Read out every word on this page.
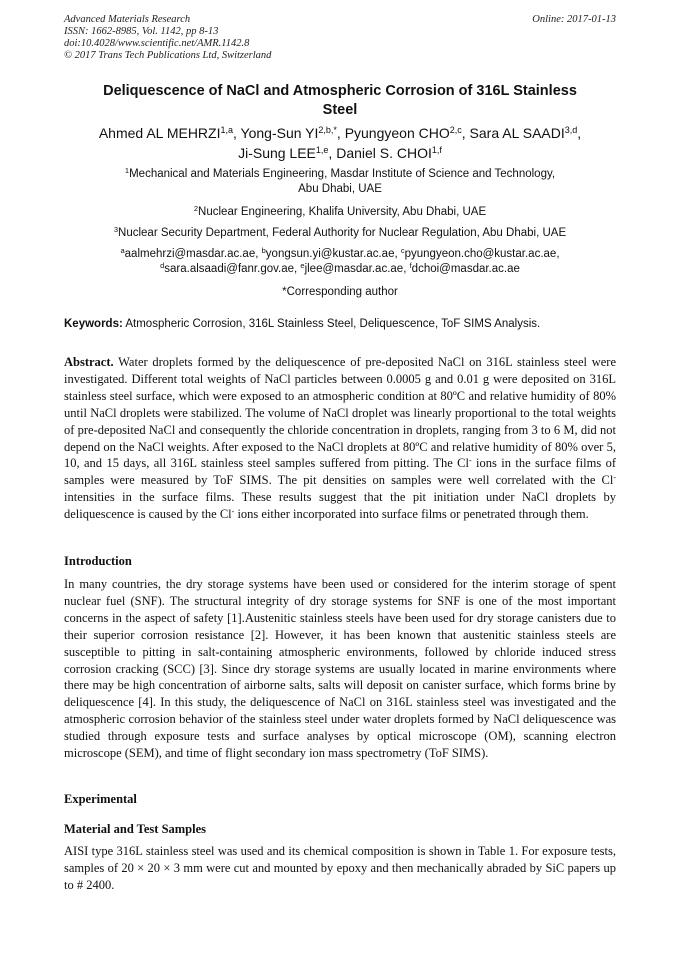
Advanced Materials Research
ISSN: 1662-8985, Vol. 1142, pp 8-13
doi:10.4028/www.scientific.net/AMR.1142.8
© 2017 Trans Tech Publications Ltd, Switzerland
Online: 2017-01-13
Deliquescence of NaCl and Atmospheric Corrosion of 316L Stainless
Steel
Ahmed AL MEHRZI$^{1,a}$, Yong-Sun $YI^{2,b,*}$, Pyungyeon CHO$^{2,c}$, Sara AL SAADI$^{3,d}$,
Ji-Sung LEE$^{1,e}$, Daniel S. CHOI$^{1,f}$
$^1$Mechanical and Materials Engineering, Masdar Institute of Science and Technology,
Abu Dhabi, UAE
$^2$Nuclear Engineering, Khalifa University, Abu Dhabi, UAE
$^3$Nuclear Security Department, Federal Authority for Nuclear Regulation, Abu Dhabi, UAE
$^a$aalmehrzi@masdar.ac.ae, $^b$yongsun.yi@kustar.ac.ae, $^c$pyungyeon.cho@kustar.ac.ae,
$^d$sara.alsaadi@fanr.gov.ae, $^e$jlee@masdar.ac.ae, $^f$dchoi@masdar.ac.ae
*Corresponding author
Keywords: Atmospheric Corrosion, 316L Stainless Steel, Deliquescence, ToF SIMS Analysis.
Abstract. Water droplets formed by the deliquescence of pre-deposited NaCl on 316L stainless steel were investigated. Different total weights of NaCl particles between 0.0005 g and 0.01 g were deposited on 316L stainless steel surface, which were exposed to an atmospheric condition at 80ºC and relative humidity of 80% until NaCl droplets were stabilized. The volume of NaCl droplet was linearly proportional to the total weights of pre-deposited NaCl and consequently the chloride concentration in droplets, ranging from 3 to 6 M, did not depend on the NaCl weights. After exposed to the NaCl droplets at 80ºC and relative humidity of 80% over 5, 10, and 15 days, all 316L stainless steel samples suffered from pitting. The Cl- ions in the surface films of samples were measured by ToF SIMS. The pit densities on samples were well correlated with the Cl- intensities in the surface films. These results suggest that the pit initiation under NaCl droplets by deliquescence is caused by the Cl- ions either incorporated into surface films or penetrated through them.
Introduction
In many countries, the dry storage systems have been used or considered for the interim storage of spent nuclear fuel (SNF). The structural integrity of dry storage systems for SNF is one of the most important concerns in the aspect of safety [1].Austenitic stainless steels have been used for dry storage canisters due to their superior corrosion resistance [2]. However, it has been known that austenitic stainless steels are susceptible to pitting in salt-containing atmospheric environments, followed by chloride induced stress corrosion cracking (SCC) [3]. Since dry storage systems are usually located in marine environments where there may be high concentration of airborne salts, salts will deposit on canister surface, which forms brine by deliquescence [4]. In this study, the deliquescence of NaCl on 316L stainless steel was investigated and the atmospheric corrosion behavior of the stainless steel under water droplets formed by NaCl deliquescence was studied through exposure tests and surface analyses by optical microscope (OM), scanning electron microscope (SEM), and time of flight secondary ion mass spectrometry (ToF SIMS).
Experimental
Material and Test Samples
AISI type 316L stainless steel was used and its chemical composition is shown in Table 1. For exposure tests, samples of 20 × 20 × 3 mm were cut and mounted by epoxy and then mechanically abraded by SiC papers up to # 2400.
